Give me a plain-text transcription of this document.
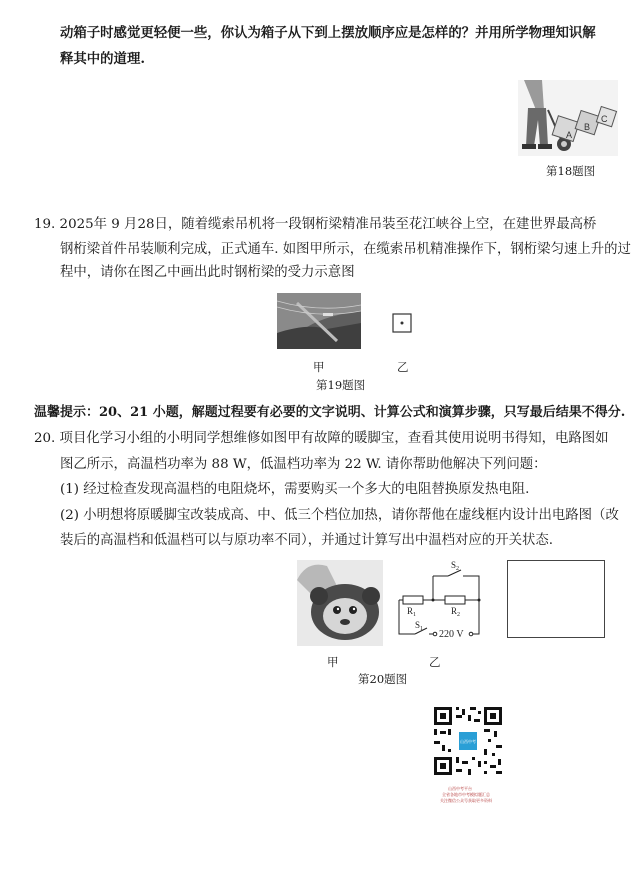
动箱子时感觉更轻便一些，你认为箱子从下到上摆放顺序应是怎样的？并用所学物理知识解
释其中的道理.
A
B
C
第18题图
19. 2025年 9 月28日，随着缆索吊机将一段钢桁梁精准吊装至花江峡谷上空，在建世界最高桥
钢桁梁首件吊装顺利完成，正式通车. 如图甲所示，在缆索吊机精准操作下，钢桁梁匀速上升的过
程中，请你在图乙中画出此时钢桁梁的受力示意图
甲	乙
第19题图
温馨提示：20、21 小题，解题过程要有必要的文字说明、计算公式和演算步骤，只写最后结果不得分.
20. 项目化学习小组的小明同学想维修如图甲有故障的暖脚宝，查看其使用说明书得知，电路图如
图乙所示，高温档功率为 88 W，低温档功率为 22 W. 请你帮助他解决下列问题：
(1) 经过检查发现高温档的电阻烧坏，需要购买一个多大的电阻替换原发热电阻.
(2) 小明想将原暖脚宝改装成高、中、低三个档位加热，请你帮他在虚线框内设计出电路图（改
装后的高温档和低温档可以与原功率不同），并通过计算写出中温档对应的开关状态.
$S_2$
$R_1$	$R_2$
$S_1$ 220 V
甲	乙
第20题图
山西中考
山西中考平台
全省各地市中考模拟题汇总
关注微信公众号获取更多资料
